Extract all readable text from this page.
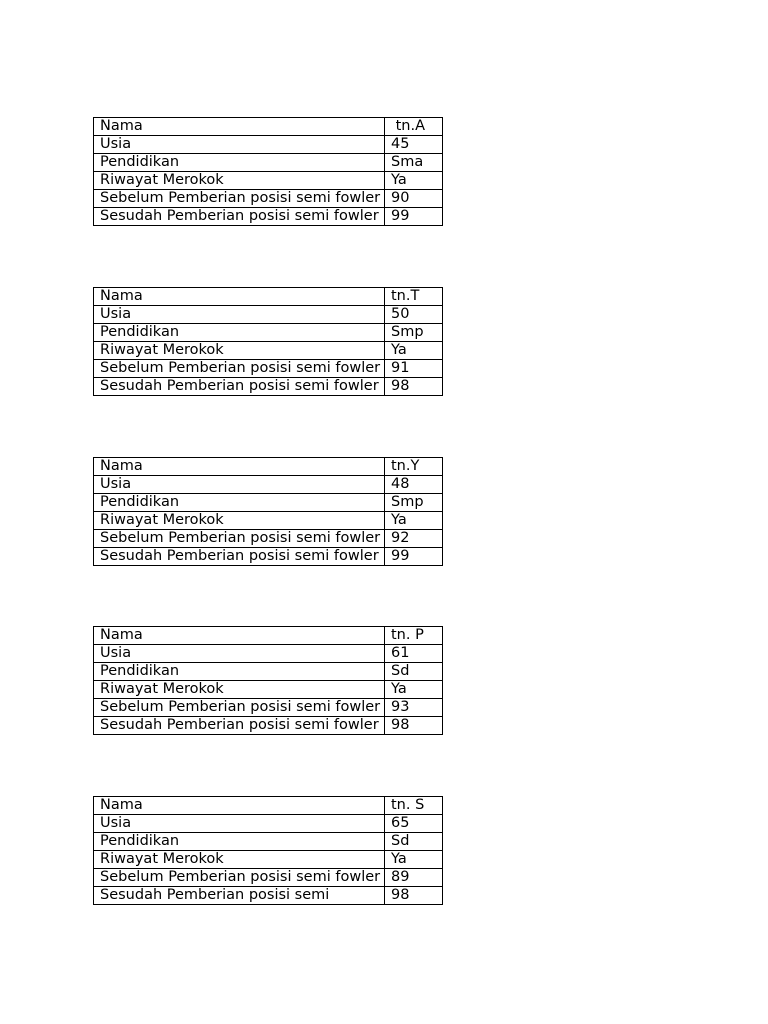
Nama	tn.A
Usia	45
Pendidikan	Sma
Riwayat Merokok	Ya
Sebelum Pemberian posisi semi fowler	90
Sesudah Pemberian posisi semi fowler	99
Nama	tn.T
Usia	50
Pendidikan	Smp
Riwayat Merokok	Ya
Sebelum Pemberian posisi semi fowler	91
Sesudah Pemberian posisi semi fowler	98
Nama	tn.Y
Usia	48
Pendidikan	Smp
Riwayat Merokok	Ya
Sebelum Pemberian posisi semi fowler	92
Sesudah Pemberian posisi semi fowler	99
Nama	tn. P
Usia	61
Pendidikan	Sd
Riwayat Merokok	Ya
Sebelum Pemberian posisi semi fowler	93
Sesudah Pemberian posisi semi fowler	98
Nama	tn. S
Usia	65
Pendidikan	Sd
Riwayat Merokok	Ya
Sebelum Pemberian posisi semi fowler	89
Sesudah Pemberian posisi semi	98
